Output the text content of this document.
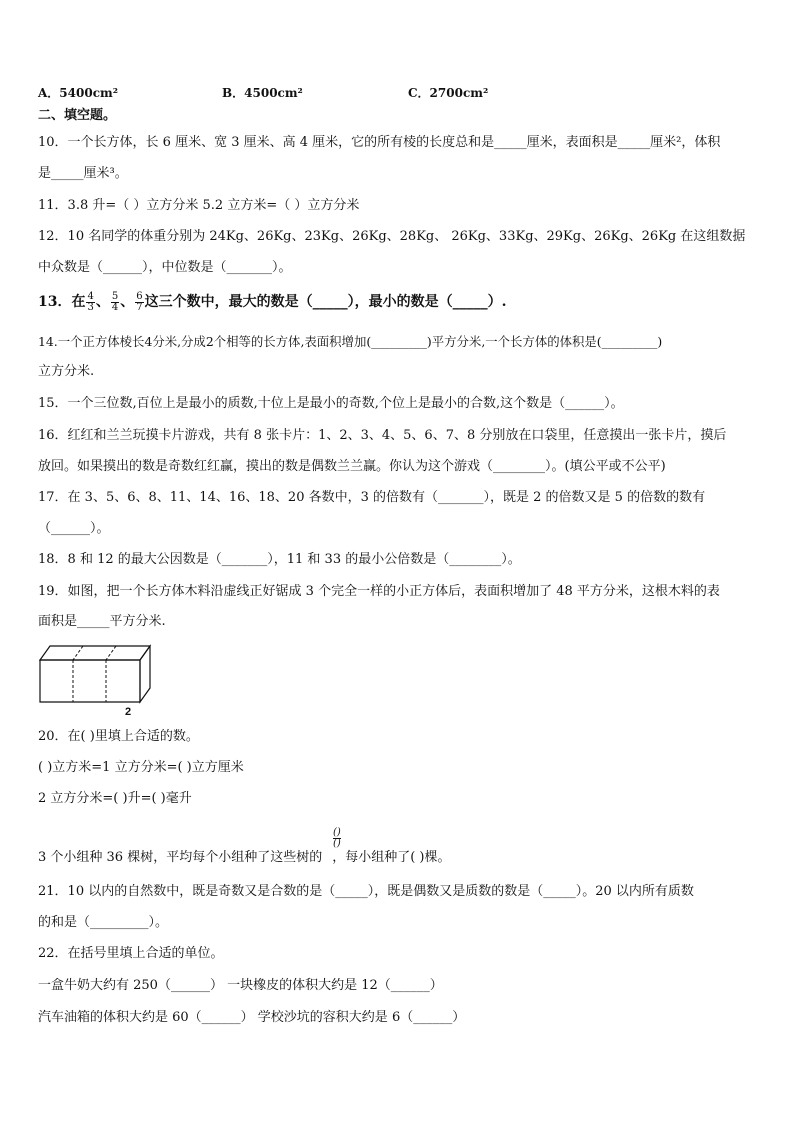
A．5400cm²	B．4500cm²	C．2700cm²
二、填空题。
10．一个长方体，长 6 厘米、宽 3 厘米、高 4 厘米，它的所有棱的长度总和是_____厘米，表面积是_____厘米²，体积
是_____厘米³。
11．3.8 升=（ ）立方分米 5.2 立方米=（ ）立方分米
12．10 名同学的体重分别为 24Kg、26Kg、23Kg、26Kg、28Kg、 26Kg、33Kg、29Kg、26Kg、26Kg 在这组数据
中众数是（______），中位数是（_______）。
13．在 $\frac{4}{3}$ 、 $\frac{5}{4}$ 、 $\frac{6}{7}$ 这三个数中，最大的数是（_____），最小的数是（_____）.
14.一个正方体棱长4分米,分成2个相等的长方体,表面积增加(_________)平方分米,一个长方体的体积是(_________)
立方分米.
15．一个三位数,百位上是最小的质数,十位上是最小的奇数,个位上是最小的合数,这个数是（______）。
16．红红和兰兰玩摸卡片游戏，共有 8 张卡片：1、2、3、4、5、6、7、8 分别放在口袋里，任意摸出一张卡片，摸后
放回。如果摸出的数是奇数红红赢，摸出的数是偶数兰兰赢。你认为这个游戏（________）。(填公平或不公平)
17．在 3、5、6、8、11、14、16、18、20 各数中，3 的倍数有（_______），既是 2 的倍数又是 5 的倍数的数有
（______）。
18．8 和 12 的最大公因数是（_______），11 和 33 的最小公倍数是（________）。
19．如图，把一个长方体木料沿虚线正好锯成 3 个完全一样的小正方体后，表面积增加了 48 平方分米，这根木料的表
面积是_____平方分米.
2
20．在( )里填上合适的数。
( )立方米=1 立方分米=( )立方厘米
2 立方分米=( )升=( )毫升
()
()
3 个小组种 36 棵树，平均每个小组种了这些树的 ，每小组种了( )棵。
21．10 以内的自然数中，既是奇数又是合数的是（_____），既是偶数又是质数的数是（_____）。20 以内所有质数
的和是（_________）。
22．在括号里填上合适的单位。
一盒牛奶大约有 250（______） 一块橡皮的体积大约是 12（______）
汽车油箱的体积大约是 60（______） 学校沙坑的容积大约是 6（______）
